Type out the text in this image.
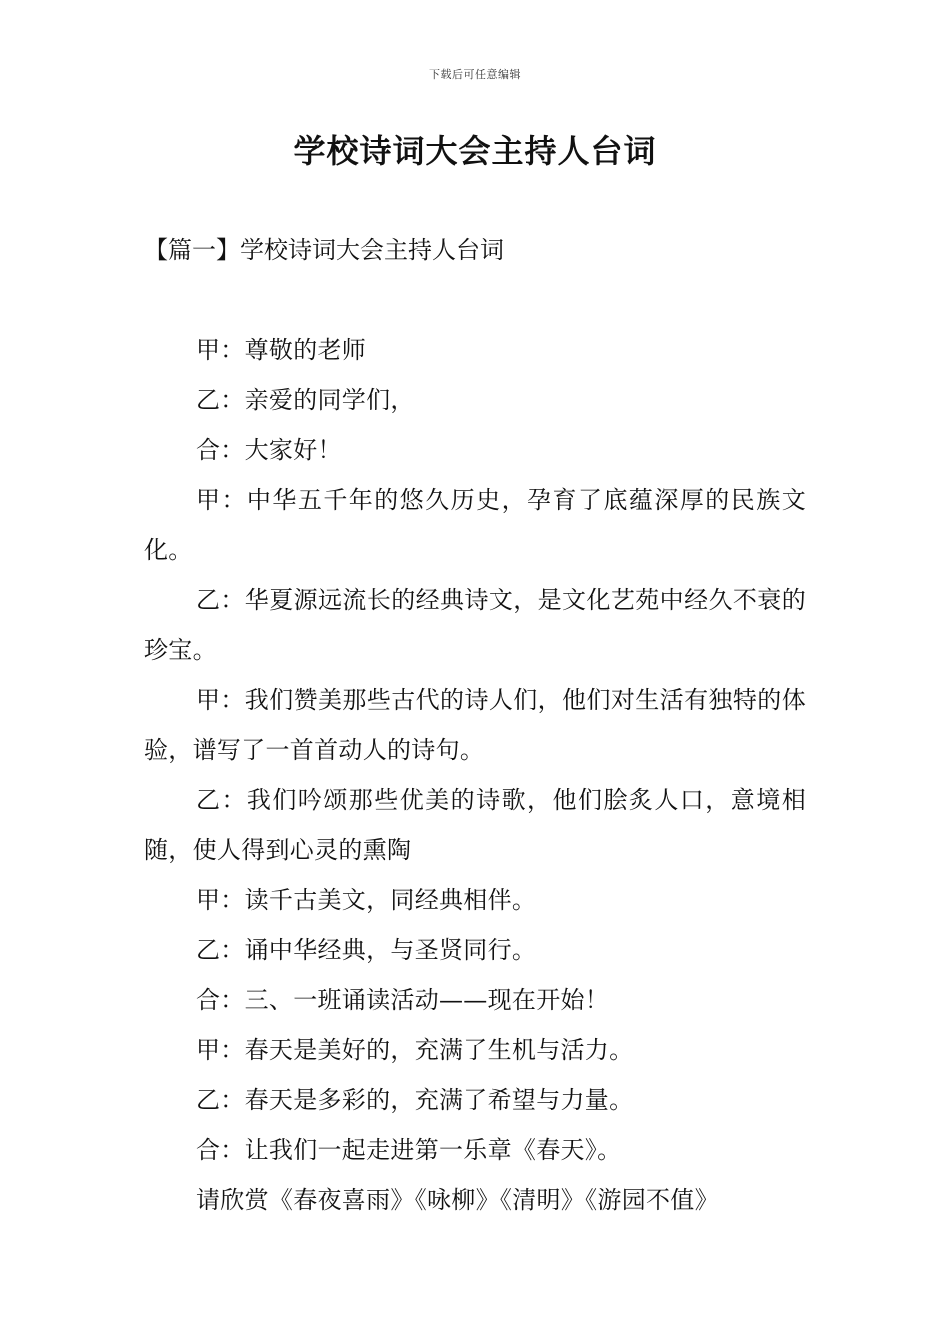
下载后可任意编辑
学校诗词大会主持人台词
【篇一】学校诗词大会主持人台词

甲：尊敬的老师

乙：亲爱的同学们，

合：大家好！

甲：中华五千年的悠久历史，孕育了底蕴深厚的民族文化。

乙：华夏源远流长的经典诗文，是文化艺苑中经久不衰的珍宝。

甲：我们赞美那些古代的诗人们，他们对生活有独特的体验，谱写了一首首动人的诗句。

乙：我们吟颂那些优美的诗歌，他们脍炙人口，意境相随，使人得到心灵的熏陶

甲：读千古美文，同经典相伴。

乙：诵中华经典，与圣贤同行。

合：三、一班诵读活动——现在开始！

甲：春天是美好的，充满了生机与活力。

乙：春天是多彩的，充满了希望与力量。

合：让我们一起走进第一乐章《春天》。

请欣赏《春夜喜雨》《咏柳》《清明》《游园不值》
